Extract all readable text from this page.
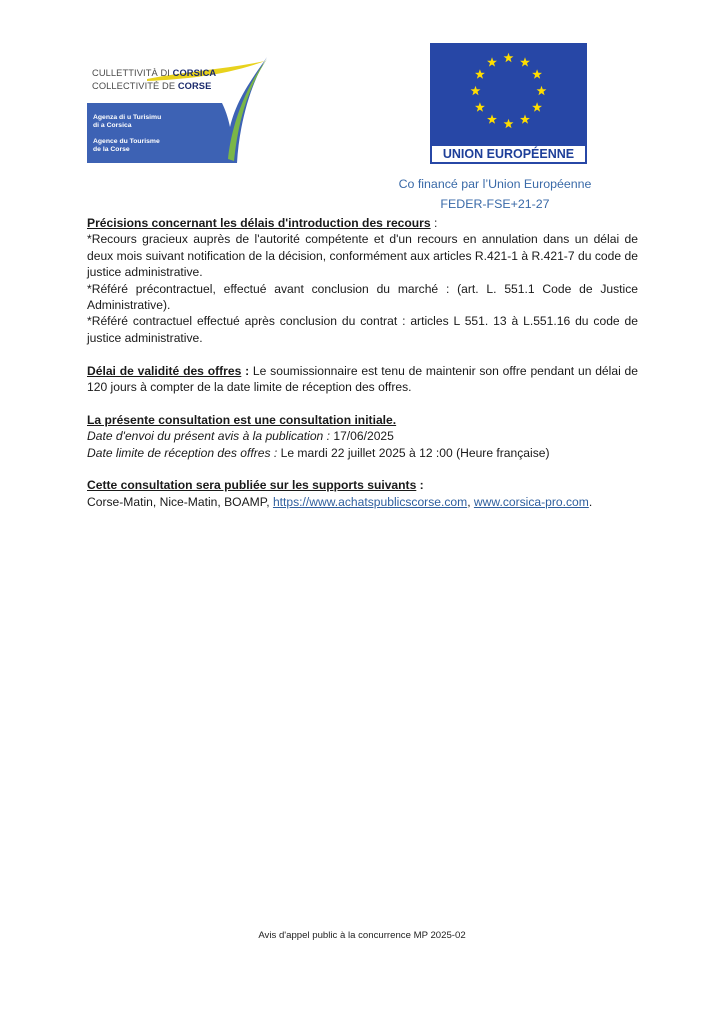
CULLETTIVITÀ DI CORSICA
COLLECTIVITÉ DE CORSE
Agenza di u Turisimu
di a Corsica
Agence du Tourisme
de la Corse	UNION EUROPÉENNE
Co financé par l’Union Européenne
FEDER-FSE+21-27

Précisions concernant les délais d'introduction des recours :

*Recours gracieux auprès de l'autorité compétente et d'un recours en annulation dans un délai de deux mois suivant notification de la décision, conformément aux articles R.421-1 à R.421-7 du code de justice administrative.

*Référé précontractuel, effectué avant conclusion du marché : (art. L. 551.1 Code de Justice Administrative).

*Référé contractuel effectué après conclusion du contrat : articles L 551. 13 à L.551.16 du code de justice administrative.

Délai de validité des offres : Le soumissionnaire est tenu de maintenir son offre pendant un délai de 120 jours à compter de la date limite de réception des offres.

La présente consultation est une consultation initiale.

Date d'envoi du présent avis à la publication : 17/06/2025

Date limite de réception des offres : Le mardi 22 juillet 2025 à 12 :00 (Heure française)

Cette consultation sera publiée sur les supports suivants :

Corse-Matin, Nice-Matin, BOAMP, https://www.achatspublicscorse.com, www.corsica-pro.com.

Avis d'appel public à la concurrence MP 2025-02
